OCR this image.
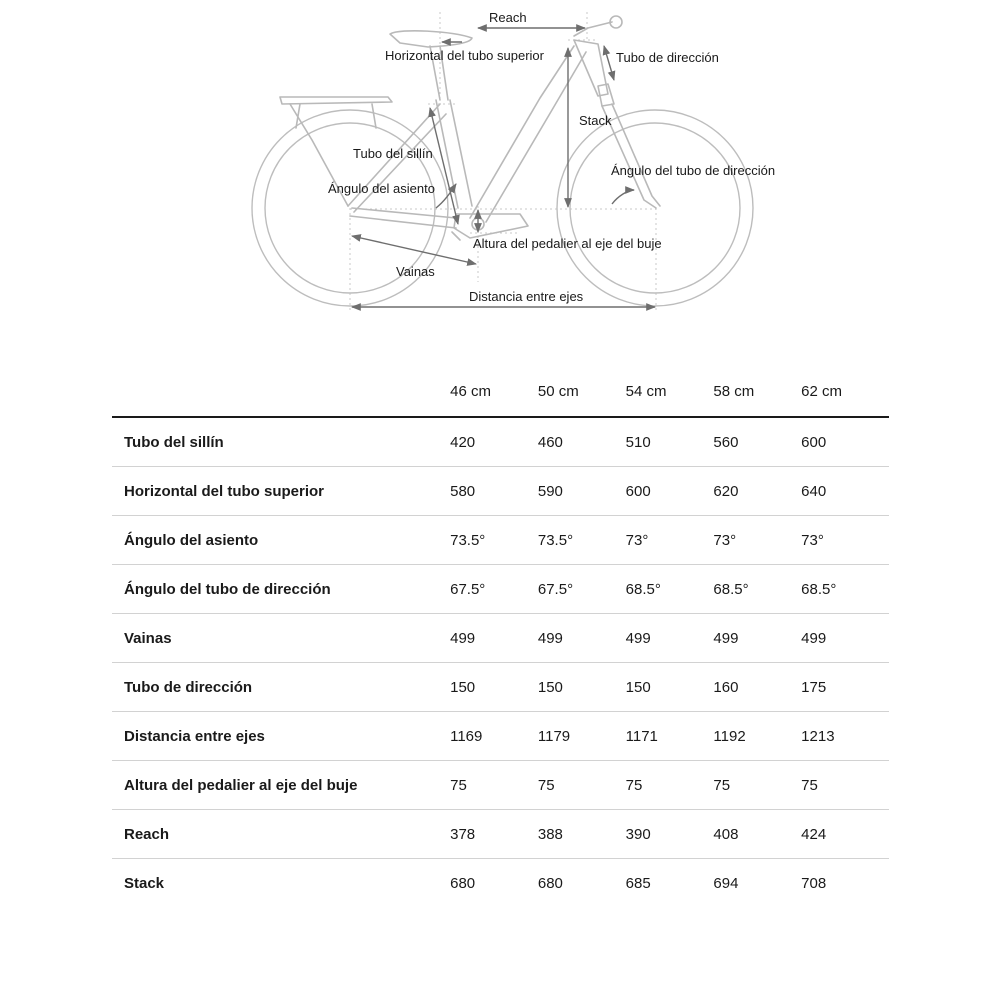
Reach
Horizontal del tubo superior	Tubo de dirección
Stack
Tubo del sillín
Ángulo del tubo de dirección
Ángulo del asiento
Altura del pedalier al eje del buje
Vainas
Distancia entre ejes
	46 cm	50 cm	54 cm	58 cm	62 cm
Tubo del sillín	420	460	510	560	600
Horizontal del tubo superior	580	590	600	620	640
Ángulo del asiento	73.5°	73.5°	73°	73°	73°
Ángulo del tubo de dirección	67.5°	67.5°	68.5°	68.5°	68.5°
Vainas	499	499	499	499	499
Tubo de dirección	150	150	150	160	175
Distancia entre ejes	1169	1179	1171	1192	1213
Altura del pedalier al eje del buje	75	75	75	75	75
Reach	378	388	390	408	424
Stack	680	680	685	694	708
